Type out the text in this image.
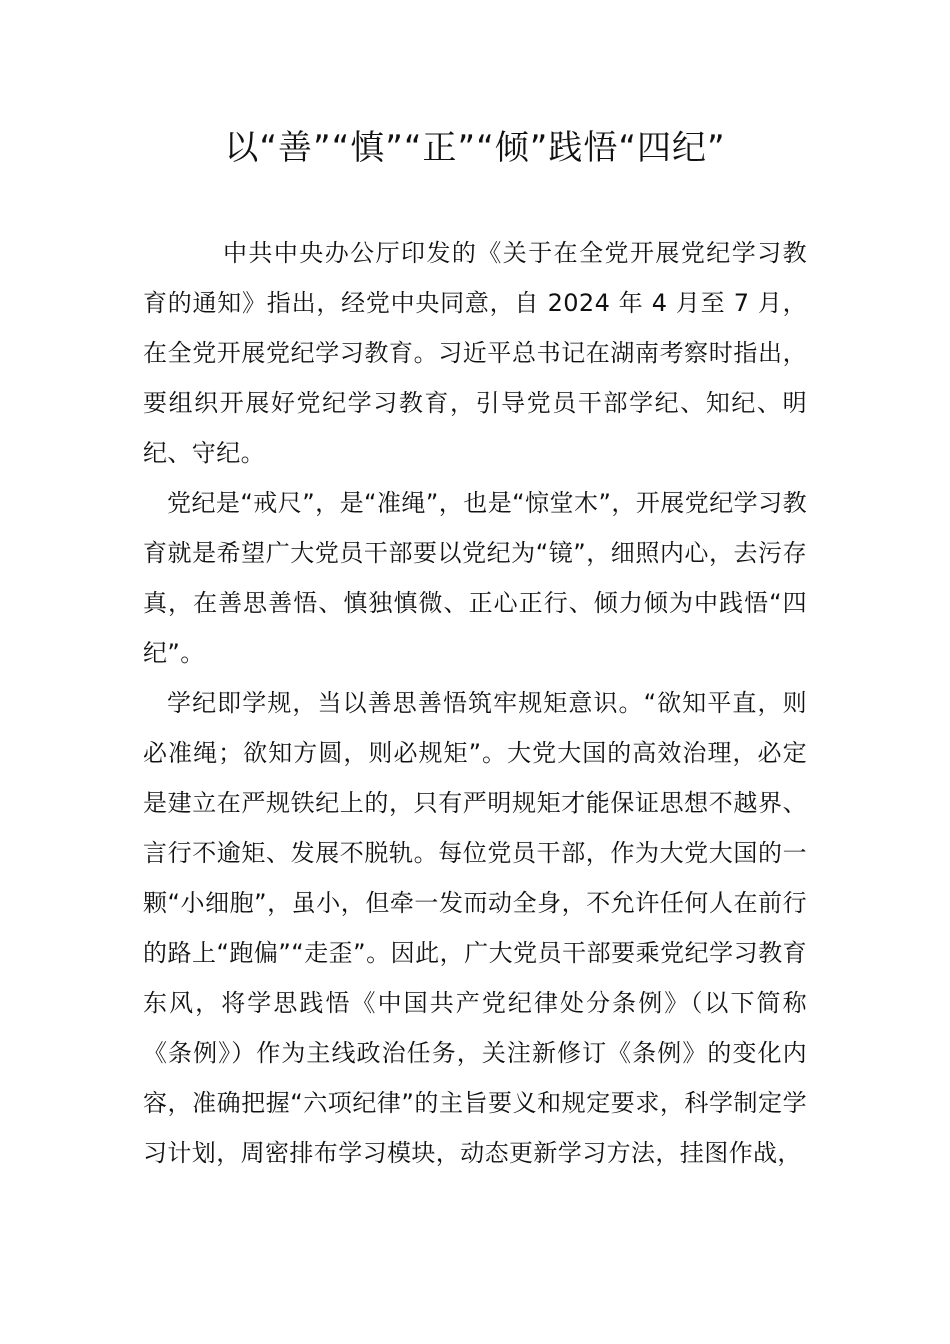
以“善”“慎”“正”“倾”践悟“四纪”

中共中央办公厅印发的《关于在全党开展党纪学习教育的通知》指出，经党中央同意，自 2024 年 4 月至 7 月，在全党开展党纪学习教育。习近平总书记在湖南考察时指出，要组织开展好党纪学习教育，引导党员干部学纪、知纪、明纪、守纪。

党纪是“戒尺”，是“准绳”，也是“惊堂木”，开展党纪学习教育就是希望广大党员干部要以党纪为“镜”，细照内心，去污存真，在善思善悟、慎独慎微、正心正行、倾力倾为中践悟“四纪”。

学纪即学规，当以善思善悟筑牢规矩意识。“欲知平直，则必准绳；欲知方圆，则必规矩”。大党大国的高效治理，必定是建立在严规铁纪上的，只有严明规矩才能保证思想不越界、言行不逾矩、发展不脱轨。每位党员干部，作为大党大国的一颗“小细胞”，虽小，但牵一发而动全身，不允许任何人在前行的路上“跑偏”“走歪”。因此，广大党员干部要乘党纪学习教育东风，将学思践悟《中国共产党纪律处分条例》（以下简称《条例》）作为主线政治任务，关注新修订《条例》的变化内容，准确把握“六项纪律”的主旨要义和规定要求，科学制定学习计划，周密排布学习模块，动态更新学习方法，挂图作战，
